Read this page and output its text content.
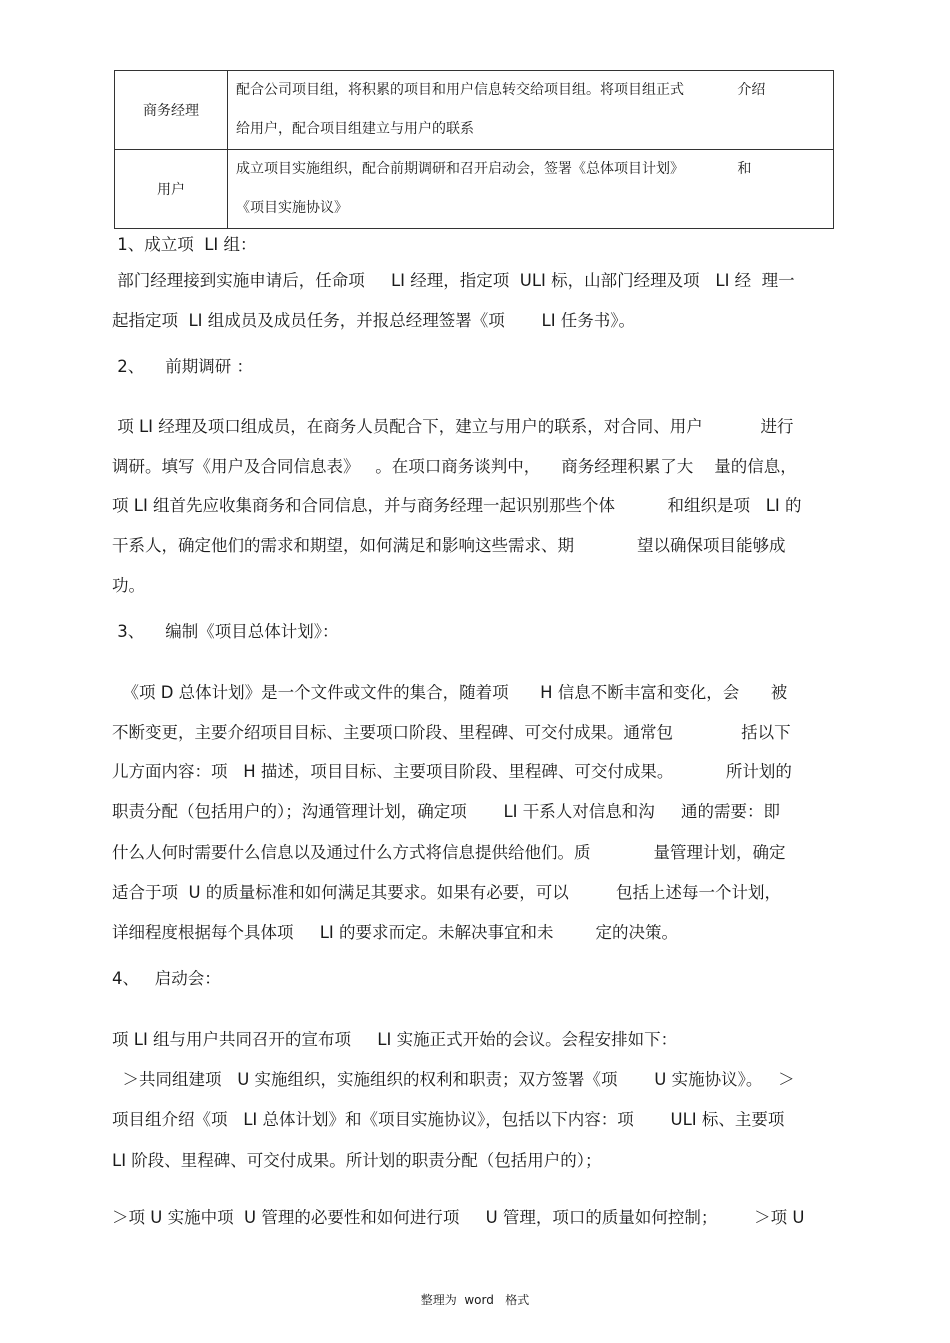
商务经理	配合公司项目组，将积累的项目和用户信息转交给项目组。将项目组正式            介绍
给用户，配合项目组建立与用户的联系

用户	成立项目实施组织，配合前期调研和召开启动会，签署《总体项目计划》            和
《项目实施协议》
1、成立项  LI 组：
部门经理接到实施申请后，任命项     LI 经理，指定项  ULI 标，山部门经理及项   LI 经  理一
起指定项  LI 组成员及成员任务，并报总经理签署《项       LI 任务书》。
2、    前期调研 ：
项 LI 经理及项口组成员，在商务人员配合下，建立与用户的联系，对合同、用户           进行
调研。填写《用户及合同信息表》   。在项口商务谈判中，    商务经理积累了大    量的信息，
项 LI 组首先应收集商务和合同信息，并与商务经理一起识别那些个体          和组织是项   LI 的
干系人，确定他们的需求和期望，如何满足和影响这些需求、期            望以确保项目能够成
功。
3、    编制《项目总体计划》：
《项 D 总体计划》是一个文件或文件的集合，随着项      H 信息不断丰富和变化，会      被
不断变更，主要介绍项目目标、主要项口阶段、里程碑、可交付成果。通常包             括以下
儿方面内容：项   H 描述，项目目标、主要项目阶段、里程碑、可交付成果。          所计划的
职责分配（包括用户的）；沟通管理计划，确定项       LI 干系人对信息和沟     通的需要：即
什么人何时需要什么信息以及通过什么方式将信息提供给他们。质            量管理计划，确定
适合于项  U 的质量标准和如何满足其要求。如果有必要，可以         包括上述每一个计划，
详细程度根据每个具体项     LI 的要求而定。未解决事宜和未        定的决策。
4、   启动会：
项 LI 组与用户共同召开的宣布项     LI 实施正式开始的会议。会程安排如下：
＞共同组建项   U 实施组织，实施组织的权利和职责；双方签署《项       U 实施协议》。   ＞
项目组介绍《项   LI 总体计划》和《项目实施协议》，包括以下内容：项       ULI 标、主要项
LI 阶段、里程碑、可交付成果。所计划的职责分配（包括用户的）；
＞项 U 实施中项  U 管理的必要性和如何进行项     U 管理，项口的质量如何控制；       ＞项 U
整理为  word   格式
